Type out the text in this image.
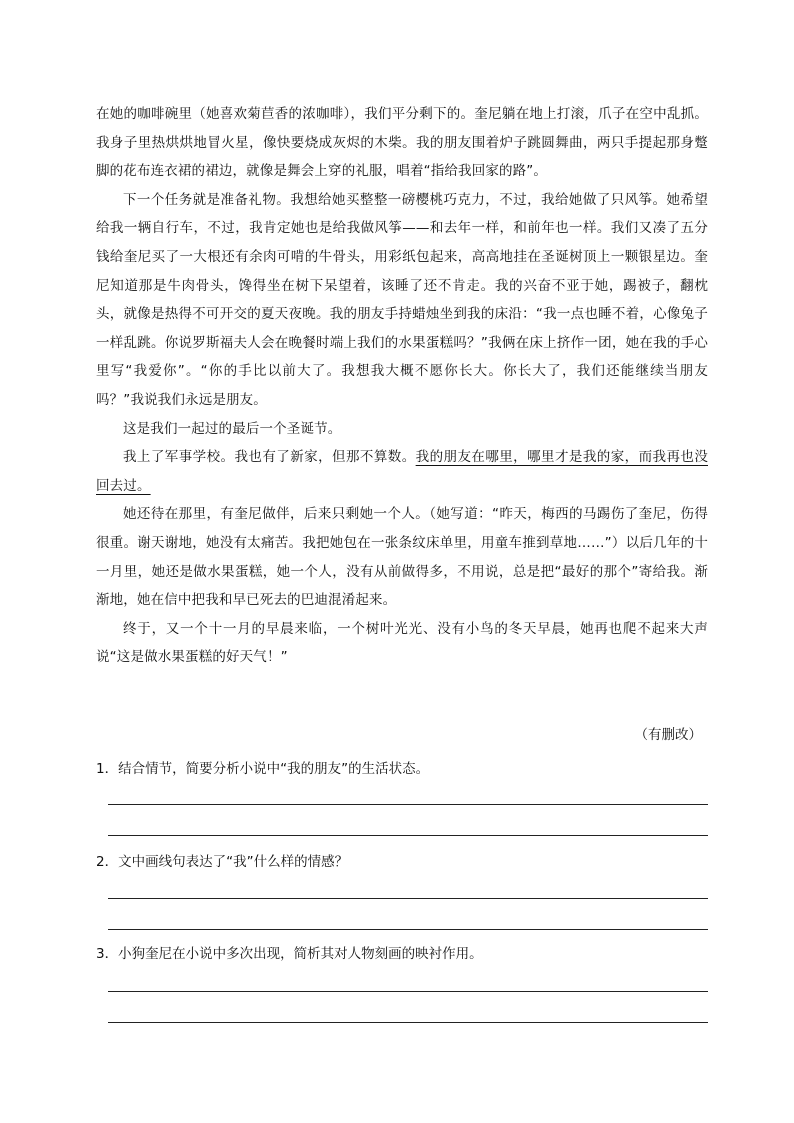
在她的咖啡碗里（她喜欢菊苣香的浓咖啡），我们平分剩下的。奎尼躺在地上打滚，爪子在空中乱抓。我身子里热烘烘地冒火星，像快要烧成灰烬的木柴。我的朋友围着炉子跳圆舞曲，两只手提起那身蹩脚的花布连衣裙的裙边，就像是舞会上穿的礼服，唱着“指给我回家的路”。

下一个任务就是准备礼物。我想给她买整整一磅樱桃巧克力，不过，我给她做了只风筝。她希望给我一辆自行车，不过，我肯定她也是给我做风筝——和去年一样，和前年也一样。我们又凑了五分钱给奎尼买了一大根还有余肉可啃的牛骨头，用彩纸包起来，高高地挂在圣诞树顶上一颗银星边。奎尼知道那是牛肉骨头，馋得坐在树下呆望着，该睡了还不肯走。我的兴奋不亚于她，踢被子，翻枕头，就像是热得不可开交的夏天夜晚。我的朋友手持蜡烛坐到我的床沿：“我一点也睡不着，心像兔子一样乱跳。你说罗斯福夫人会在晚餐时端上我们的水果蛋糕吗？”我俩在床上挤作一团，她在我的手心里写“我爱你”。“你的手比以前大了。我想我大概不愿你长大。你长大了，我们还能继续当朋友吗？”我说我们永远是朋友。

这是我们一起过的最后一个圣诞节。

我上了军事学校。我也有了新家，但那不算数。我的朋友在哪里，哪里才是我的家，而我再也没回去过。

她还待在那里，有奎尼做伴，后来只剩她一个人。（她写道：“昨天，梅西的马踢伤了奎尼，伤得很重。谢天谢地，她没有太痛苦。我把她包在一张条纹床单里，用童车推到草地……”）以后几年的十一月里，她还是做水果蛋糕，她一个人，没有从前做得多，不用说，总是把“最好的那个”寄给我。渐渐地，她在信中把我和早已死去的巴迪混淆起来。

终于，又一个十一月的早晨来临，一个树叶光光、没有小鸟的冬天早晨，她再也爬不起来大声说“这是做水果蛋糕的好天气！”

（有删改）
1．结合情节，简要分析小说中“我的朋友”的生活状态。
2．文中画线句表达了“我”什么样的情感？
3．小狗奎尼在小说中多次出现，简析其对人物刻画的映衬作用。
